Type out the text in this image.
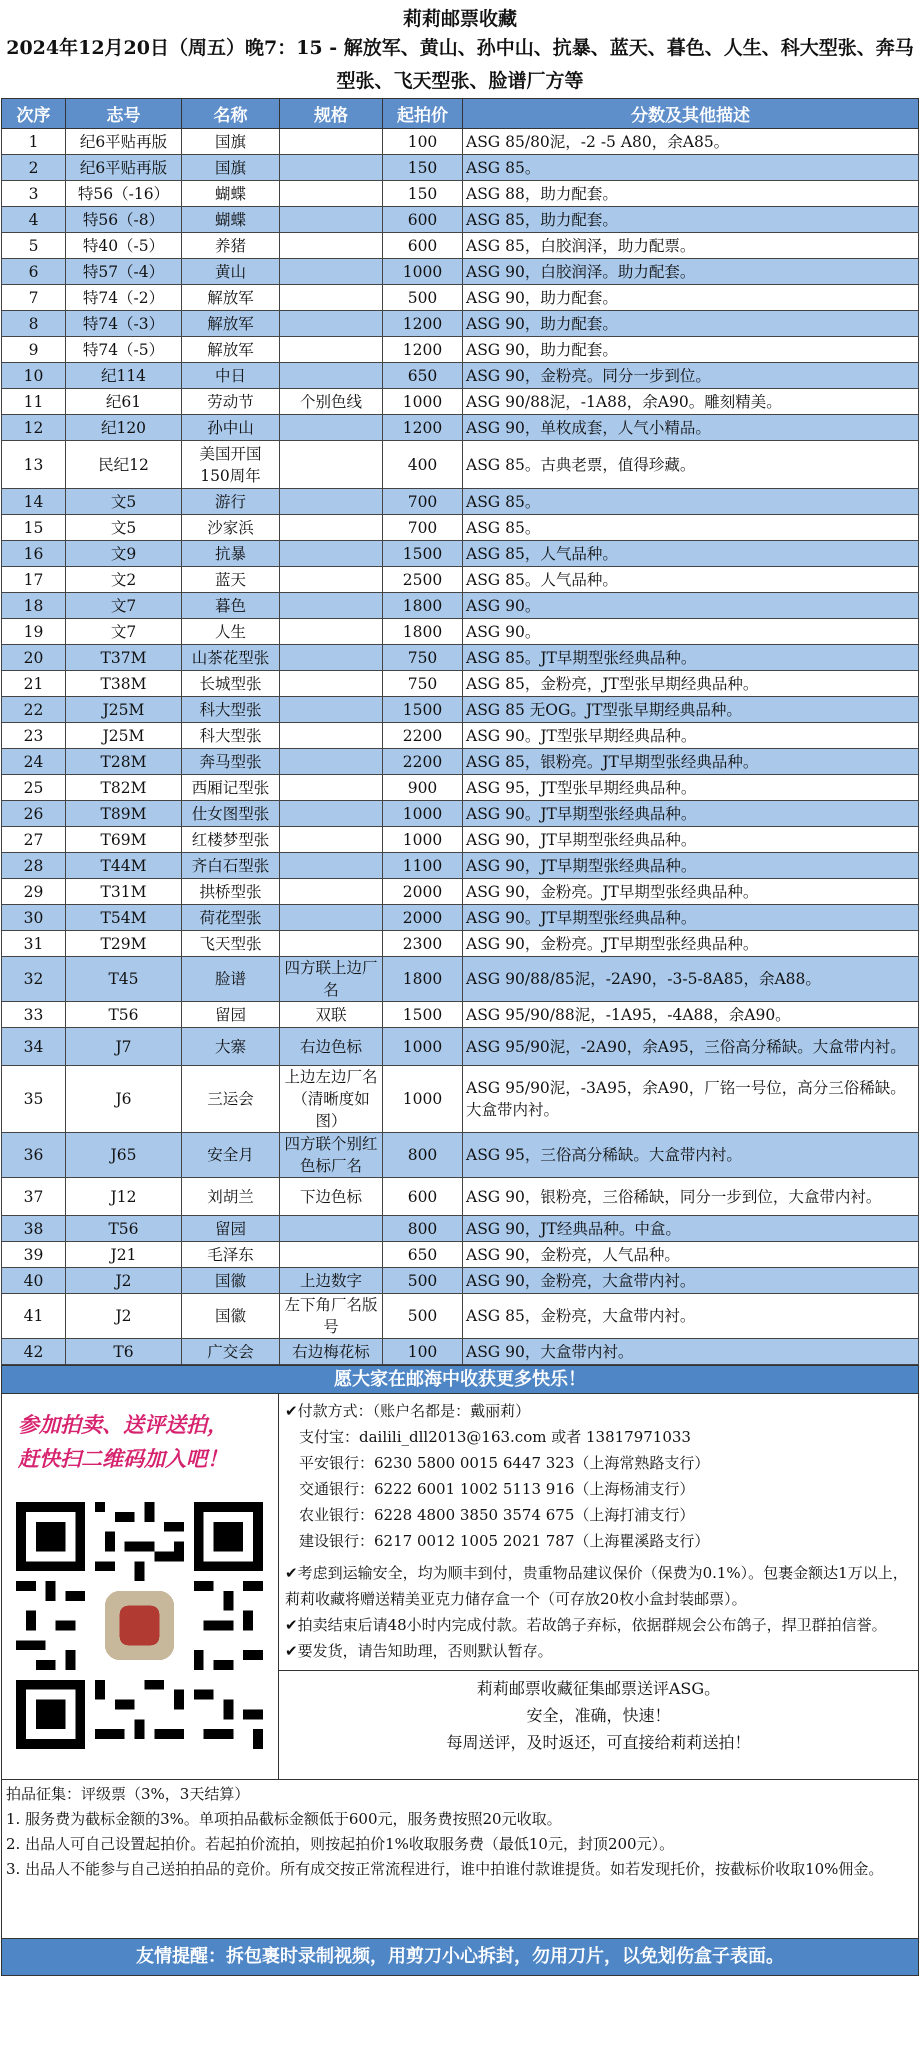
莉莉邮票收藏
2024年12月20日（周五）晚7：15 - 解放军、黄山、孙中山、抗暴、蓝天、暮色、人生、科大型张、奔马型张、飞天型张、脸谱厂方等
次序	志号	名称	规格	起拍价	分数及其他描述
1	纪6平贴再版	国旗		100	ASG 85/80泥，-2 -5 A80，余A85。
2	纪6平贴再版	国旗		150	ASG 85。
3	特56（-16）	蝴蝶		150	ASG 88，助力配套。
4	特56（-8）	蝴蝶		600	ASG 85，助力配套。
5	特40（-5）	养猪		600	ASG 85，白胶润泽，助力配票。
6	特57（-4）	黄山		1000	ASG 90，白胶润泽。助力配套。
7	特74（-2）	解放军		500	ASG 90，助力配套。
8	特74（-3）	解放军		1200	ASG 90，助力配套。
9	特74（-5）	解放军		1200	ASG 90，助力配套。
10	纪114	中日		650	ASG 90，金粉亮。同分一步到位。
11	纪61	劳动节	个别色线	1000	ASG 90/88泥，-1A88，余A90。雕刻精美。
12	纪120	孙中山		1200	ASG 90，单枚成套，人气小精品。
13	民纪12	美国开国150周年		400	ASG 85。古典老票，值得珍藏。
14	文5	游行		700	ASG 85。
15	文5	沙家浜		700	ASG 85。
16	文9	抗暴		1500	ASG 85，人气品种。
17	文2	蓝天		2500	ASG 85。人气品种。
18	文7	暮色		1800	ASG 90。
19	文7	人生		1800	ASG 90。
20	T37M	山茶花型张		750	ASG 85。JT早期型张经典品种。
21	T38M	长城型张		750	ASG 85，金粉亮，JT型张早期经典品种。
22	J25M	科大型张		1500	ASG 85 无OG。JT型张早期经典品种。
23	J25M	科大型张		2200	ASG 90。JT型张早期经典品种。
24	T28M	奔马型张		2200	ASG 85，银粉亮。JT早期型张经典品种。
25	T82M	西厢记型张		900	ASG 95，JT型张早期经典品种。
26	T89M	仕女图型张		1000	ASG 90。JT早期型张经典品种。
27	T69M	红楼梦型张		1000	ASG 90，JT早期型张经典品种。
28	T44M	齐白石型张		1100	ASG 90，JT早期型张经典品种。
29	T31M	拱桥型张		2000	ASG 90，金粉亮。JT早期型张经典品种。
30	T54M	荷花型张		2000	ASG 90。JT早期型张经典品种。
31	T29M	飞天型张		2300	ASG 90，金粉亮。JT早期型张经典品种。
32	T45	脸谱	四方联上边厂名	1800	ASG 90/88/85泥，-2A90，-3-5-8A85，余A88。
33	T56	留园	双联	1500	ASG 95/90/88泥，-1A95，-4A88，余A90。
34	J7	大寨	右边色标	1000	ASG 95/90泥，-2A90，余A95，三俗高分稀缺。大盒带内衬。
35	J6	三运会	上边左边厂名（清晰度如图）	1000	ASG 95/90泥，-3A95，余A90，厂铭一号位，高分三俗稀缺。大盒带内衬。
36	J65	安全月	四方联个别红色标厂名	800	ASG 95，三俗高分稀缺。大盒带内衬。
37	J12	刘胡兰	下边色标	600	ASG 90，银粉亮，三俗稀缺，同分一步到位，大盒带内衬。
38	T56	留园		800	ASG 90，JT经典品种。中盒。
39	J21	毛泽东		650	ASG 90，金粉亮，人气品种。
40	J2	国徽	上边数字	500	ASG 90，金粉亮，大盒带内衬。
41	J2	国徽	左下角厂名版号	500	ASG 85，金粉亮，大盒带内衬。
42	T6	广交会	右边梅花标	100	ASG 90，大盒带内衬。
愿大家在邮海中收获更多快乐！
参加拍卖、送评送拍，
赶快扫二维码加入吧！
✔付款方式：（账户名都是：戴丽莉）
支付宝：dailili_dll2013@163.com 或者 13817971033
平安银行：6230 5800 0015 6447 323（上海常熟路支行）
交通银行：6222 6001 1002 5113 916（上海杨浦支行）
农业银行：6228 4800 3850 3574 675（上海打浦支行）
建设银行：6217 0012 1005 2021 787（上海瞿溪路支行）
✔考虑到运输安全，均为顺丰到付，贵重物品建议保价（保费为0.1%）。包裹金额达1万以上，莉莉收藏将赠送精美亚克力储存盒一个（可存放20枚小盒封装邮票）。
✔拍卖结束后请48小时内完成付款。若故鸽子弃标，依据群规会公布鸽子，捍卫群拍信誉。
✔要发货，请告知助理，否则默认暂存。
莉莉邮票收藏征集邮票送评ASG。
安全，准确，快速！
每周送评，及时返还，可直接给莉莉送拍！
拍品征集：评级票（3%，3天结算）
1. 服务费为截标金额的3%。单项拍品截标金额低于600元，服务费按照20元收取。
2. 出品人可自己设置起拍价。若起拍价流拍，则按起拍价1%收取服务费（最低10元，封顶200元）。
3. 出品人不能参与自己送拍拍品的竞价。所有成交按正常流程进行，谁中拍谁付款谁提货。如若发现托价，按截标价收取10%佣金。
友情提醒：拆包裹时录制视频，用剪刀小心拆封，勿用刀片，以免划伤盒子表面。
